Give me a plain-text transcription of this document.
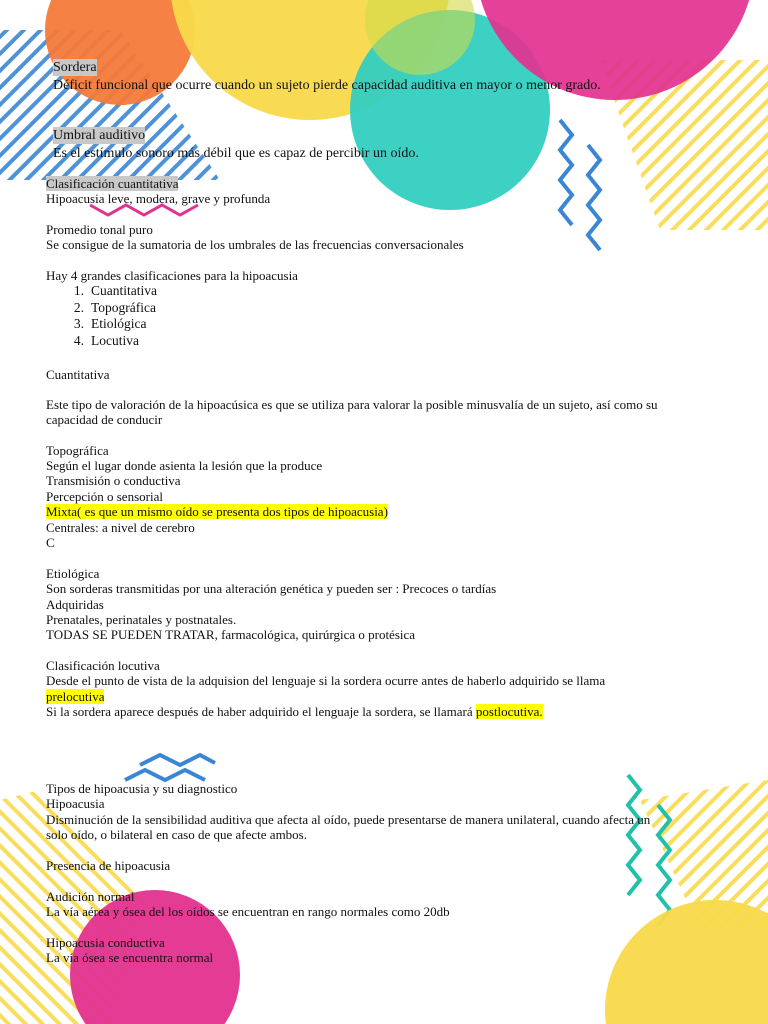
Sordera
Déficit funcional que ocurre cuando un sujeto pierde capacidad auditiva en mayor o menor grado.
Umbral auditivo
Es el estímulo sonoro más débil que es capaz de percibir un oído.
Clasificación cuantitativa
Hipoacusia leve, modera, grave y profunda
Promedio tonal puro
Se consigue de la sumatoria de los umbrales de las frecuencias conversacionales
Hay 4 grandes clasificaciones para la hipoacusia
1. Cuantitativa
2. Topográfica
3. Etiológica
4. Locutiva
Cuantitativa
Este tipo de valoración de la hipoacúsica es que se utiliza para valorar la posible minusvalía de un sujeto, así como su
capacidad de conducir
Topográfica
Según el lugar donde asienta la lesión que la produce
Transmisión o conductiva
Percepción o sensorial
Mixta( es que un mismo oído se presenta dos tipos de hipoacusia)
Centrales: a nivel de cerebro
C
Etiológica
Son sorderas transmitidas por una alteración genética y pueden ser : Precoces o tardías
Adquiridas
Prenatales, perinatales y postnatales.
TODAS SE PUEDEN TRATAR, farmacológica, quirúrgica o protésica
Clasificación locutiva
Desde el punto de vista de la adquision del lenguaje si la sordera ocurre antes de haberlo adquirido se llama
prelocutiva
Si la sordera aparece después de haber adquirido el lenguaje la sordera, se llamará postlocutiva.
Tipos de hipoacusia y su diagnostico
Hipoacusia
Disminución de la sensibilidad auditiva que afecta al oído, puede presentarse de manera unilateral, cuando afecta un
solo oído, o bilateral en caso de que afecte ambos.
Presencia de hipoacusia
Audición normal
La vía aérea y ósea del los oídos se encuentran en rango normales como 20db
Hipoacusia conductiva
La vía ósea se encuentra normal
